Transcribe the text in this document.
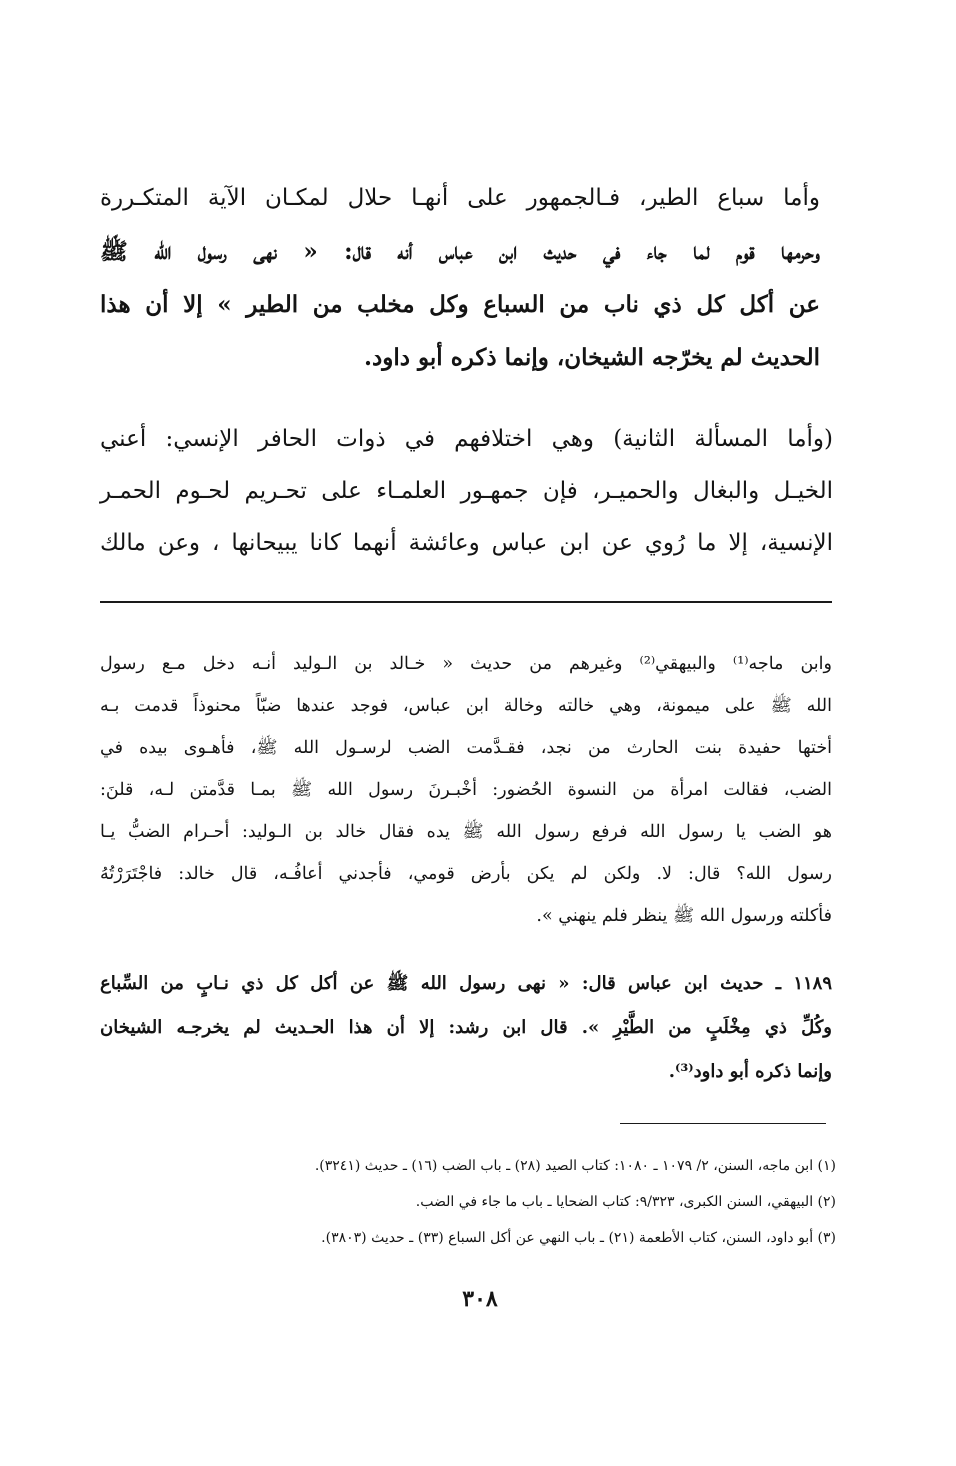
وأما سباع الطير، فـالجمهور على أنهـا حلال لمكـان الآية المتكـررة
وحرمها قوم لما جاء في حديث ابن عباس أنه قال: « نهى رسول الله ﷺ
عن أكل كل ذي ناب من السباع وكل مخلب من الطير » إلا أن هذا
الحديث لم يخرّجه الشيخان، وإنما ذكره أبو داود.
(وأما المسألة الثانية) وهي اختلافهم في ذوات الحافر الإنسي: أعني
الخيـل والبغال والحميـر، فإن جمهـور العلمـاء على تحـريم لحـوم الحمـر
الإنسية، إلا ما رُوي عن ابن عباس وعائشة أنهما كانا يبيحانها ، وعن مالك
وابن ماجه⁽¹⁾ والبيهقي⁽²⁾ وغيرهم من حديث « خـالد بن الـوليد أنـه دخل مـع رسول
الله ﷺ على ميمونة، وهي خالته وخالة ابن عباس، فوجد عندها ضبّاً محنوذاً قدمت بـه
أختها حفيدة بنت الحارث من نجد، فقـدَّمت الضب لرسـول الله ﷺ، فأهـوى بيده في
الضب، فقالت امرأة من النسوة الحُضور: أخْبـرنَ رسول الله ﷺ بمـا قدَّمتن لـه، قلنَ:
هو الضب يا رسول الله فرفع رسول الله ﷺ يده فقال خالد بن الـوليد: أحـرام الضبُّ يـا
رسول الله؟ قال: لا. ولكن لم يكن بأرض قومي، فأجدني أعافُـه، قال خالد: فاجْتَرَرْتُهُ
فأكلته ورسول الله ﷺ ينظر فلم ينهني ».
١١٨٩ ـ حديث ابن عباس قال: « نهى رسول الله ﷺ عن أكل كل ذي نـابٍ من السِّباع
وكُلِّ ذي مِخْلَبٍ من الطَّيْرِ ». قال ابن رشد: إلا أن هذا الحـديث لم يخرجـه الشيخان
وإنما ذكره أبو داود⁽³⁾.
(١) ابن ماجه، السنن، ٢/ ١٠٧٩ ـ ١٠٨٠: كتاب الصيد (٢٨) ـ باب الضب (١٦) ـ حديث (٣٢٤١).
(٢) البيهقي، السنن الكبرى، ٩/٣٢٣: كتاب الضحايا ـ باب ما جاء في الضب.
(٣) أبو داود، السنن، كتاب الأطعمة (٢١) ـ باب النهي عن أكل السباع (٣٣) ـ حديث (٣٨٠٣).
٣٠٨
